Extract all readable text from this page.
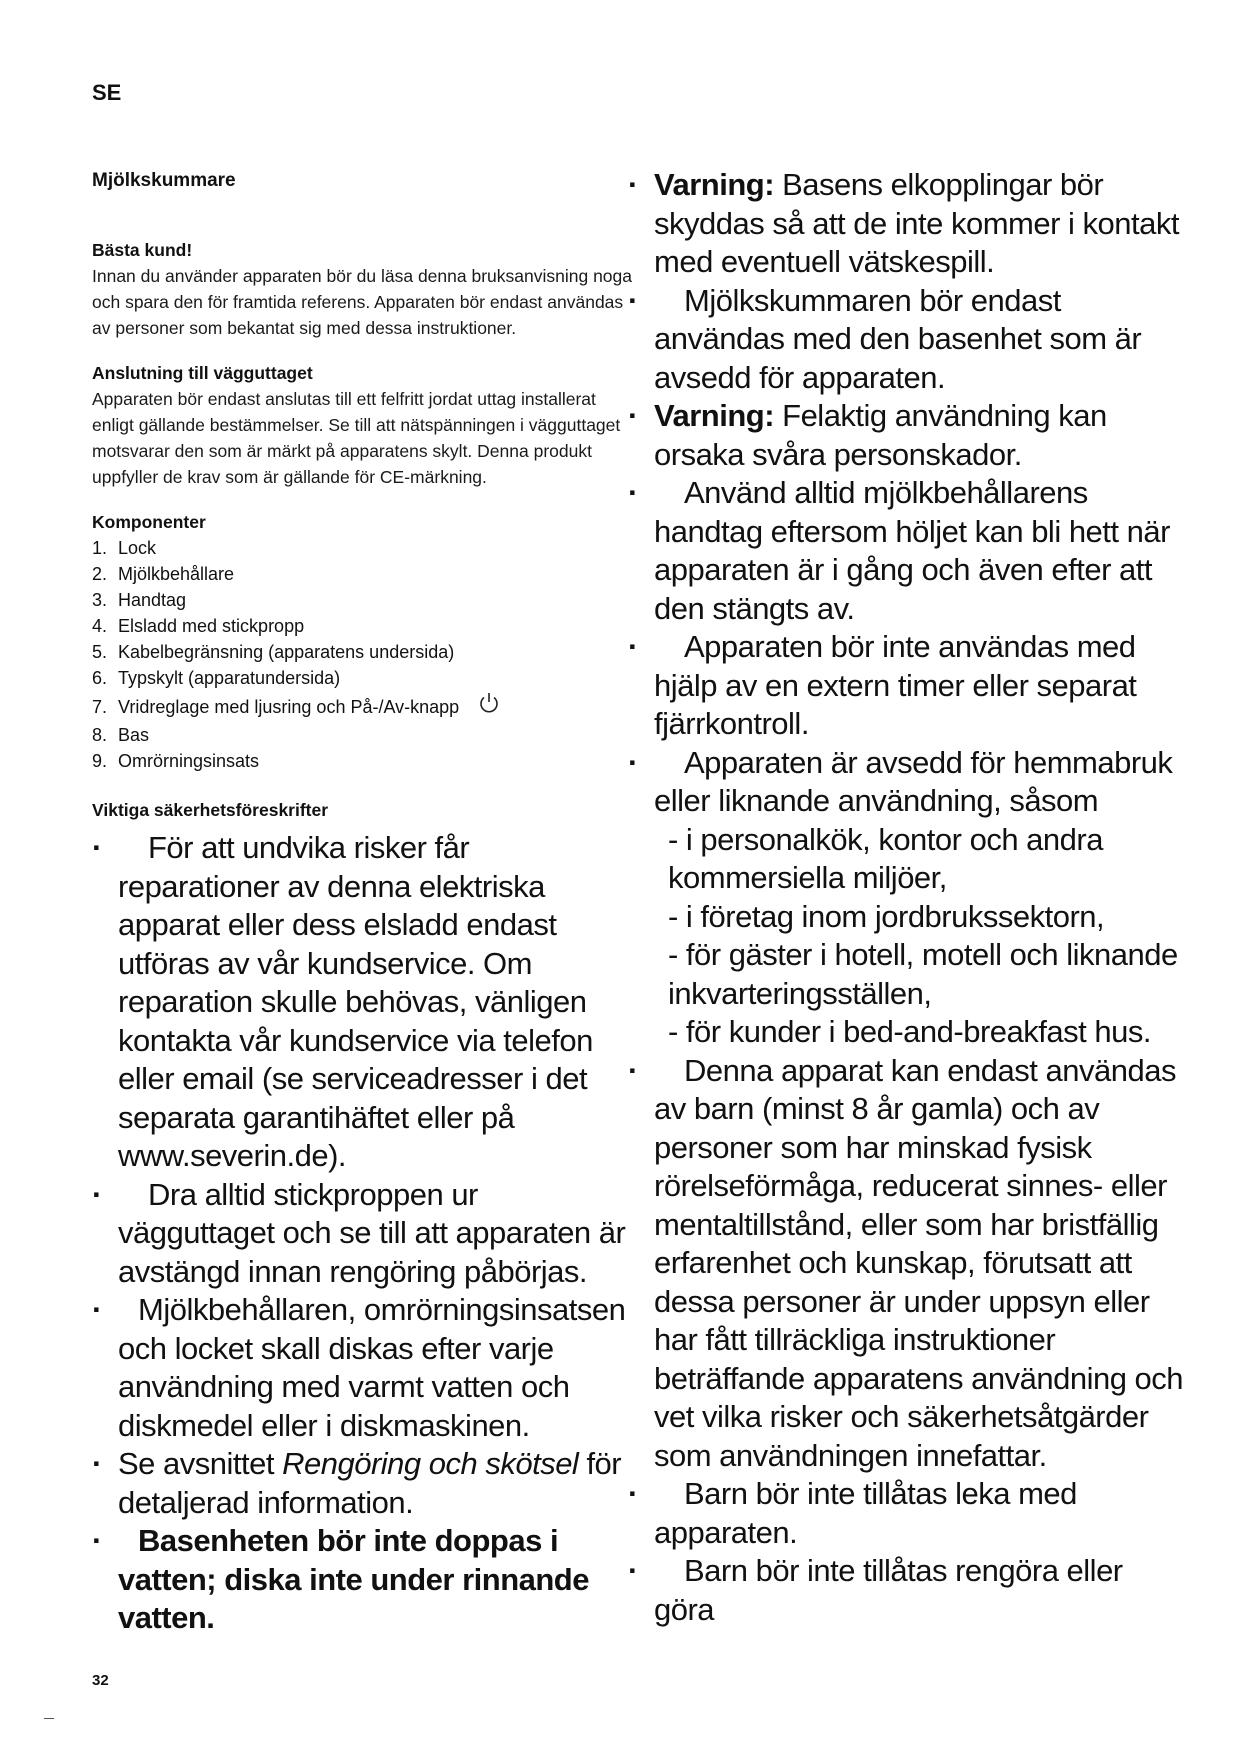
SE
Mjölkskummare
Bästa kund!
Innan du använder apparaten bör du läsa denna bruksanvisning noga och spara den för framtida referens. Apparaten bör endast användas av personer som bekantat sig med dessa instruktioner.
Anslutning till vägguttaget
Apparaten bör endast anslutas till ett felfritt jordat uttag installerat enligt gällande bestämmelser. Se till att nätspänningen i vägguttaget motsvarar den som är märkt på apparatens skylt. Denna produkt uppfyller de krav som är gällande för CE-märkning.
Komponenter
1. Lock
2. Mjölkbehållare
3. Handtag
4. Elsladd med stickpropp
5. Kabelbegränsning (apparatens undersida)
6. Typskylt (apparatundersida)
7. Vridreglage med ljusring och På-/Av-knapp
8. Bas
9. Omrörningsinsats
Viktiga säkerhetsföreskrifter

·	För att undvika risker får reparationer av denna elektriska apparat eller dess elsladd endast utföras av vår kundservice. Om reparation skulle behövas, vänligen kontakta vår kundservice via telefon eller email (se serviceadresser i det separata garantihäftet eller på www.severin.de).

·	Dra alltid stickproppen ur vägguttaget och se till att apparaten är avstängd innan rengöring påbörjas.

·	Mjölkbehållaren, omrörningsinsatsen och locket skall diskas efter varje användning med varmt vatten och diskmedel eller i diskmaskinen.

· Se avsnittet Rengöring och skötsel för detaljerad information.

·	Basenheten bör inte doppas i vatten; diska inte under rinnande vatten.

· Varning: Basens elkopplingar bör skyddas så att de inte kommer i kontakt med eventuell vätskespill.

·	Mjölkskummaren bör endast användas med den basenhet som är avsedd för apparaten.

· Varning: Felaktig användning kan orsaka svåra personskador.

·	Använd alltid mjölkbehållarens handtag eftersom höljet kan bli hett när apparaten är i gång och även efter att den stängts av.

·	Apparaten bör inte användas med hjälp av en extern timer eller separat fjärrkontroll.

·	Apparaten är avsedd för hemmabruk eller liknande användning, såsom

- i personalkök, kontor och andra kommersiella miljöer,

- i företag inom jordbrukssektorn,

- för gäster i hotell, motell och liknande inkvarteringsställen,

- för kunder i bed-and-breakfast hus.

·	Denna apparat kan endast användas av barn (minst 8 år gamla) och av personer som har minskad fysisk rörelseförmåga, reducerat sinnes- eller mentaltillstånd, eller som har bristfällig erfarenhet och kunskap, förutsatt att dessa personer är under uppsyn eller har fått tillräckliga instruktioner beträffande apparatens användning och vet vilka risker och säkerhetsåtgärder som användningen innefattar.

·	Barn bör inte tillåtas leka med apparaten.

·	Barn bör inte tillåtas rengöra eller göra

32
